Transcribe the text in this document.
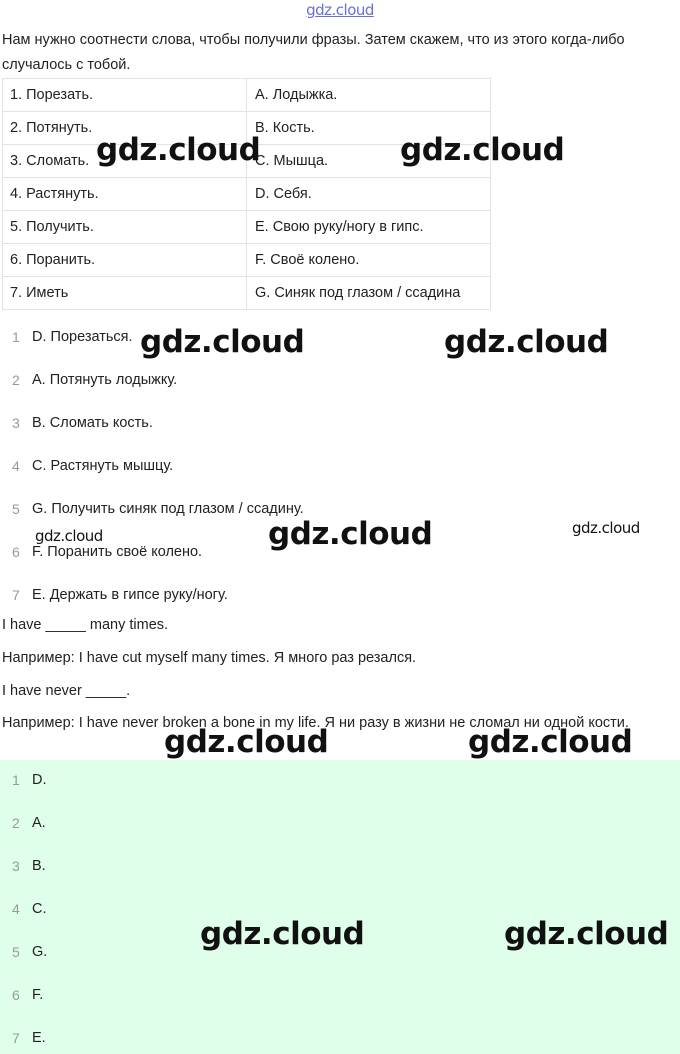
gdz.cloud

Нам нужно соотнести слова, чтобы получили фразы. Затем скажем, что из этого когда-либо случалось с тобой.

1. Порезать.	A. Лодыжка.
2. Потянуть.	B. Кость.
3. Сломать.	C. Мышца.
4. Растянуть.	D. Себя.
5. Получить.	E. Свою руку/ногу в гипс.
6. Поранить.	F. Своё колено.
7. Иметь	G. Синяк под глазом / ссадина
1 D. Порезаться.
2 A. Потянуть лодыжку.
3 B. Сломать кость.
4 C. Растянуть мышцу.
5 G. Получить синяк под глазом / ссадину.
6 F. Поранить своё колено.
7 E. Держать в гипсе руку/ногу.

I have _____ many times.

Например: I have cut myself many times. Я много раз резался.

I have never _____.

Например: I have never broken a bone in my life. Я ни разу в жизни не сломал ни одной кости.

1 D.
2 A.
3 B.
4 C.
5 G.
6 F.
7 E.
gdz.cloud	gdz.cloud
gdz.cloud	gdz.cloud
gdz.cloud	gdz.cloud	gdz.cloud
gdz.cloud	gdz.cloud
gdz.cloud	gdz.cloud
